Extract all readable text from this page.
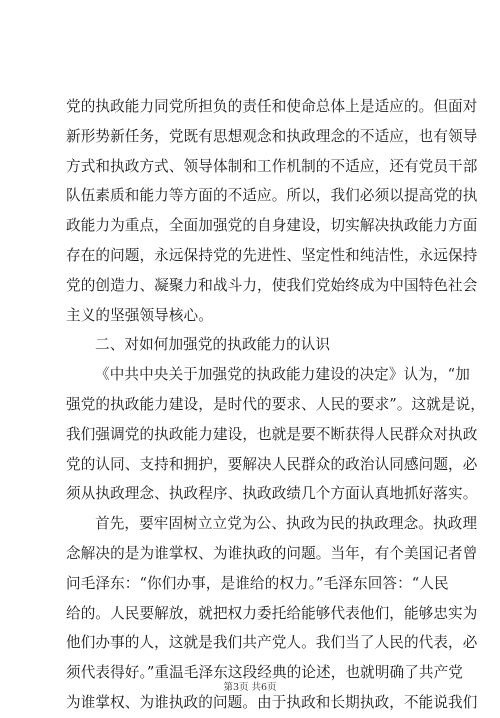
党的执政能力同党所担负的责任和使命总体上是适应的。但面对
新形势新任务，党既有思想观念和执政理念的不适应，也有领导
方式和执政方式、领导体制和工作机制的不适应，还有党员干部
队伍素质和能力等方面的不适应。所以，我们必须以提高党的执
政能力为重点，全面加强党的自身建设，切实解决执政能力方面
存在的问题，永远保持党的先进性、坚定性和纯洁性，永远保持
党的创造力、凝聚力和战斗力，使我们党始终成为中国特色社会
主义的坚强领导核心。
二、对如何加强党的执政能力的认识
《中共中央关于加强党的执政能力建设的决定》认为，“加
强党的执政能力建设，是时代的要求、人民的要求”。这就是说，
我们强调党的执政能力建设，也就是要不断获得人民群众对执政
党的认同、支持和拥护，要解决人民群众的政治认同感问题，必
须从执政理念、执政程序、执政政绩几个方面认真地抓好落实。
首先，要牢固树立立党为公、执政为民的执政理念。执政理
念解决的是为谁掌权、为谁执政的问题。当年，有个美国记者曾
问毛泽东：“你们办事，是谁给的权力。”毛泽东回答：“人民
给的。人民要解放，就把权力委托给能够代表他们，能够忠实为
他们办事的人，这就是我们共产党人。我们当了人民的代表，必
须代表得好。”重温毛泽东这段经典的论述，也就明确了共产党
为谁掌权、为谁执政的问题。由于执政和长期执政，不能说我们
第3页 共6页
